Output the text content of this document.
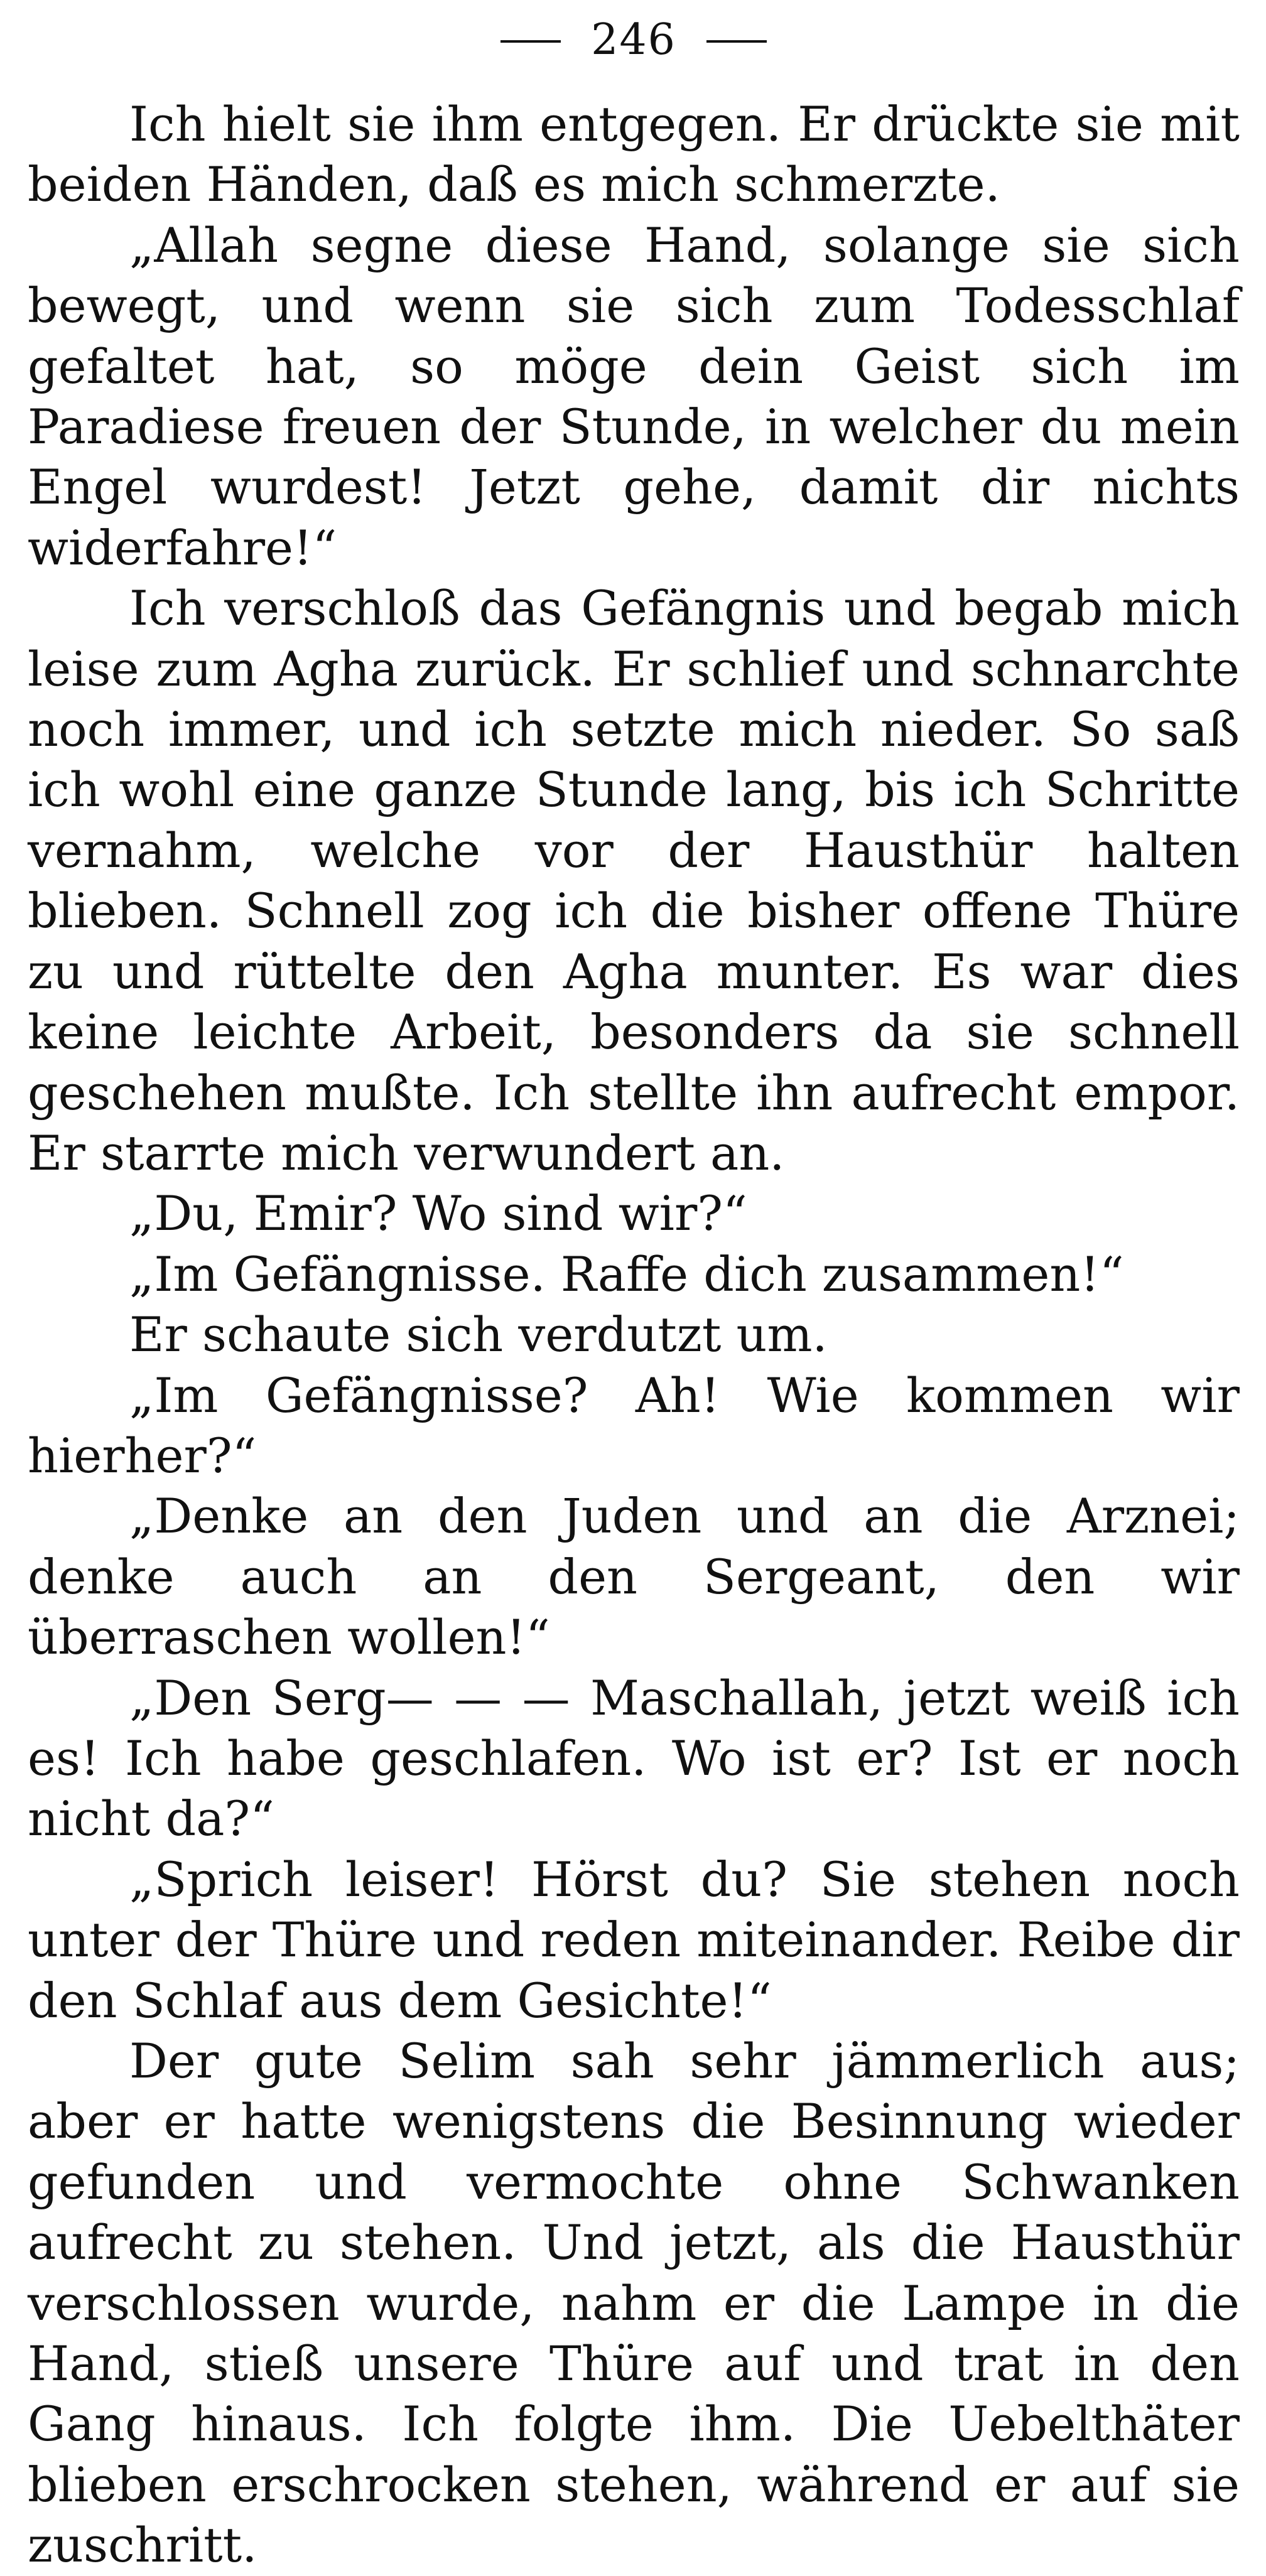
246

Ich hielt sie ihm entgegen. Er drückte sie mit beiden Händen, daß es mich schmerzte.

„Allah segne diese Hand, solange sie sich bewegt, und wenn sie sich zum Todesschlaf gefaltet hat, so möge dein Geist sich im Paradiese freuen der Stunde, in welcher du mein Engel wurdest! Jetzt gehe, damit dir nichts widerfahre!“

Ich verschloß das Gefängnis und begab mich leise zum Agha zurück. Er schlief und schnarchte noch immer, und ich setzte mich nieder. So saß ich wohl eine ganze Stunde lang, bis ich Schritte vernahm, welche vor der Hausthür halten blieben. Schnell zog ich die bisher offene Thüre zu und rüttelte den Agha munter. Es war dies keine leichte Arbeit, besonders da sie schnell geschehen mußte. Ich stellte ihn aufrecht empor. Er starrte mich verwundert an.

„Du, Emir? Wo sind wir?“

„Im Gefängnisse. Raffe dich zusammen!“

Er schaute sich verdutzt um.

„Im Gefängnisse? Ah! Wie kommen wir hierher?“

„Denke an den Juden und an die Arznei; denke auch an den Sergeant, den wir überraschen wollen!“

„Den Serg— — — Maschallah, jetzt weiß ich es! Ich habe geschlafen. Wo ist er? Ist er noch nicht da?“

„Sprich leiser! Hörst du? Sie stehen noch unter der Thüre und reden miteinander. Reibe dir den Schlaf aus dem Gesichte!“

Der gute Selim sah sehr jämmerlich aus; aber er hatte wenigstens die Besinnung wieder gefunden und vermochte ohne Schwanken aufrecht zu stehen. Und jetzt, als die Hausthür verschlossen wurde, nahm er die Lampe in die Hand, stieß unsere Thüre auf und trat in den Gang hinaus. Ich folgte ihm. Die Uebelthäter blieben erschrocken stehen, während er auf sie zuschritt.
